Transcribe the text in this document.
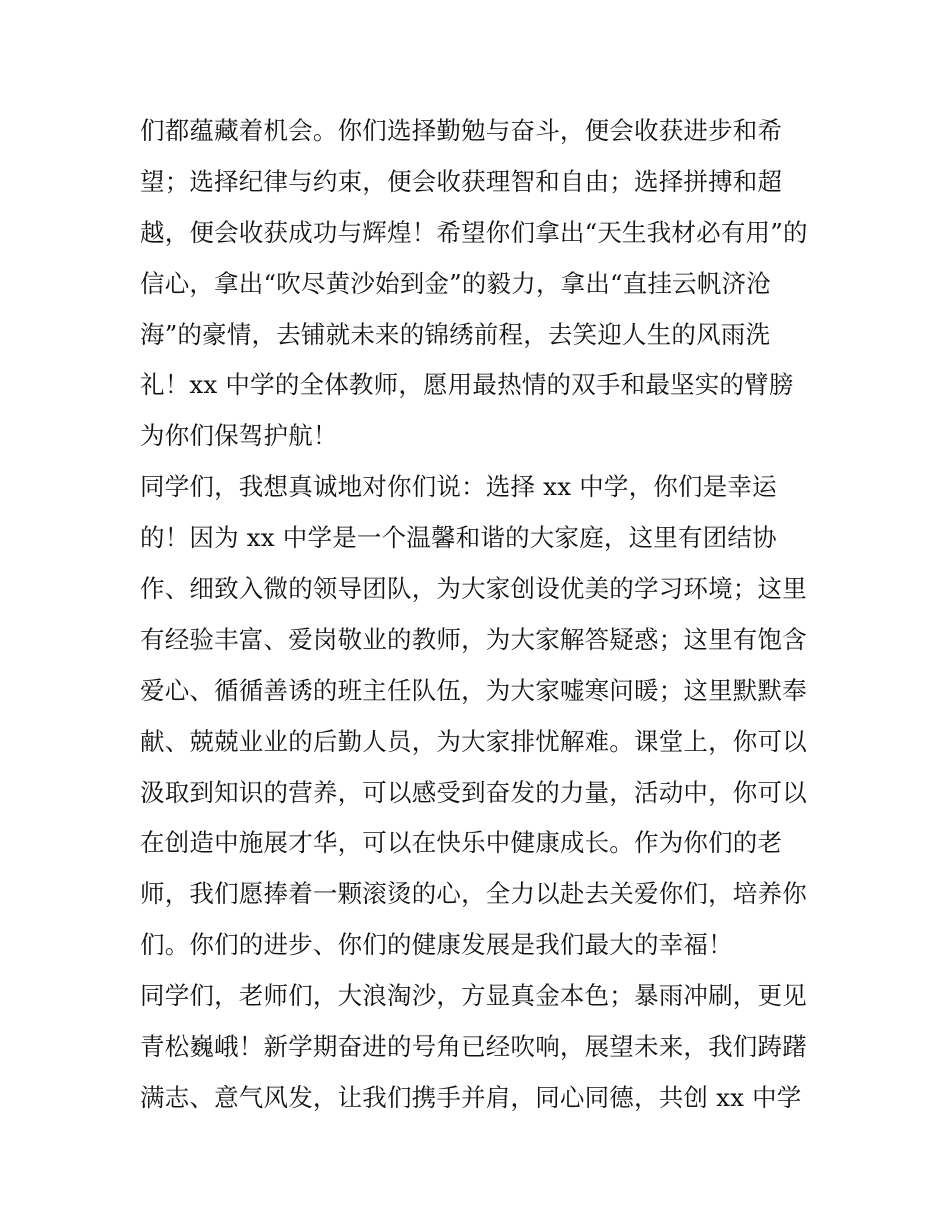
们都蕴藏着机会。你们选择勤勉与奋斗，便会收获进步和希
望；选择纪律与约束，便会收获理智和自由；选择拼搏和超
越，便会收获成功与辉煌！希望你们拿出“天生我材必有用”的
信心，拿出“吹尽黄沙始到金”的毅力，拿出“直挂云帆济沧
海”的豪情，去铺就未来的锦绣前程，去笑迎人生的风雨洗
礼！xx 中学的全体教师，愿用最热情的双手和最坚实的臂膀
为你们保驾护航！
同学们，我想真诚地对你们说：选择 xx 中学，你们是幸运
的！因为 xx 中学是一个温馨和谐的大家庭，这里有团结协
作、细致入微的领导团队，为大家创设优美的学习环境；这里
有经验丰富、爱岗敬业的教师，为大家解答疑惑；这里有饱含
爱心、循循善诱的班主任队伍，为大家嘘寒问暖；这里默默奉
献、兢兢业业的后勤人员，为大家排忧解难。课堂上，你可以
汲取到知识的营养，可以感受到奋发的力量，活动中，你可以
在创造中施展才华，可以在快乐中健康成长。作为你们的老
师，我们愿捧着一颗滚烫的心，全力以赴去关爱你们，培养你
们。你们的进步、你们的健康发展是我们最大的幸福！
同学们，老师们，大浪淘沙，方显真金本色；暴雨冲刷，更见
青松巍峨！新学期奋进的号角已经吹响，展望未来，我们踌躇
满志、意气风发，让我们携手并肩，同心同德，共创 xx 中学
